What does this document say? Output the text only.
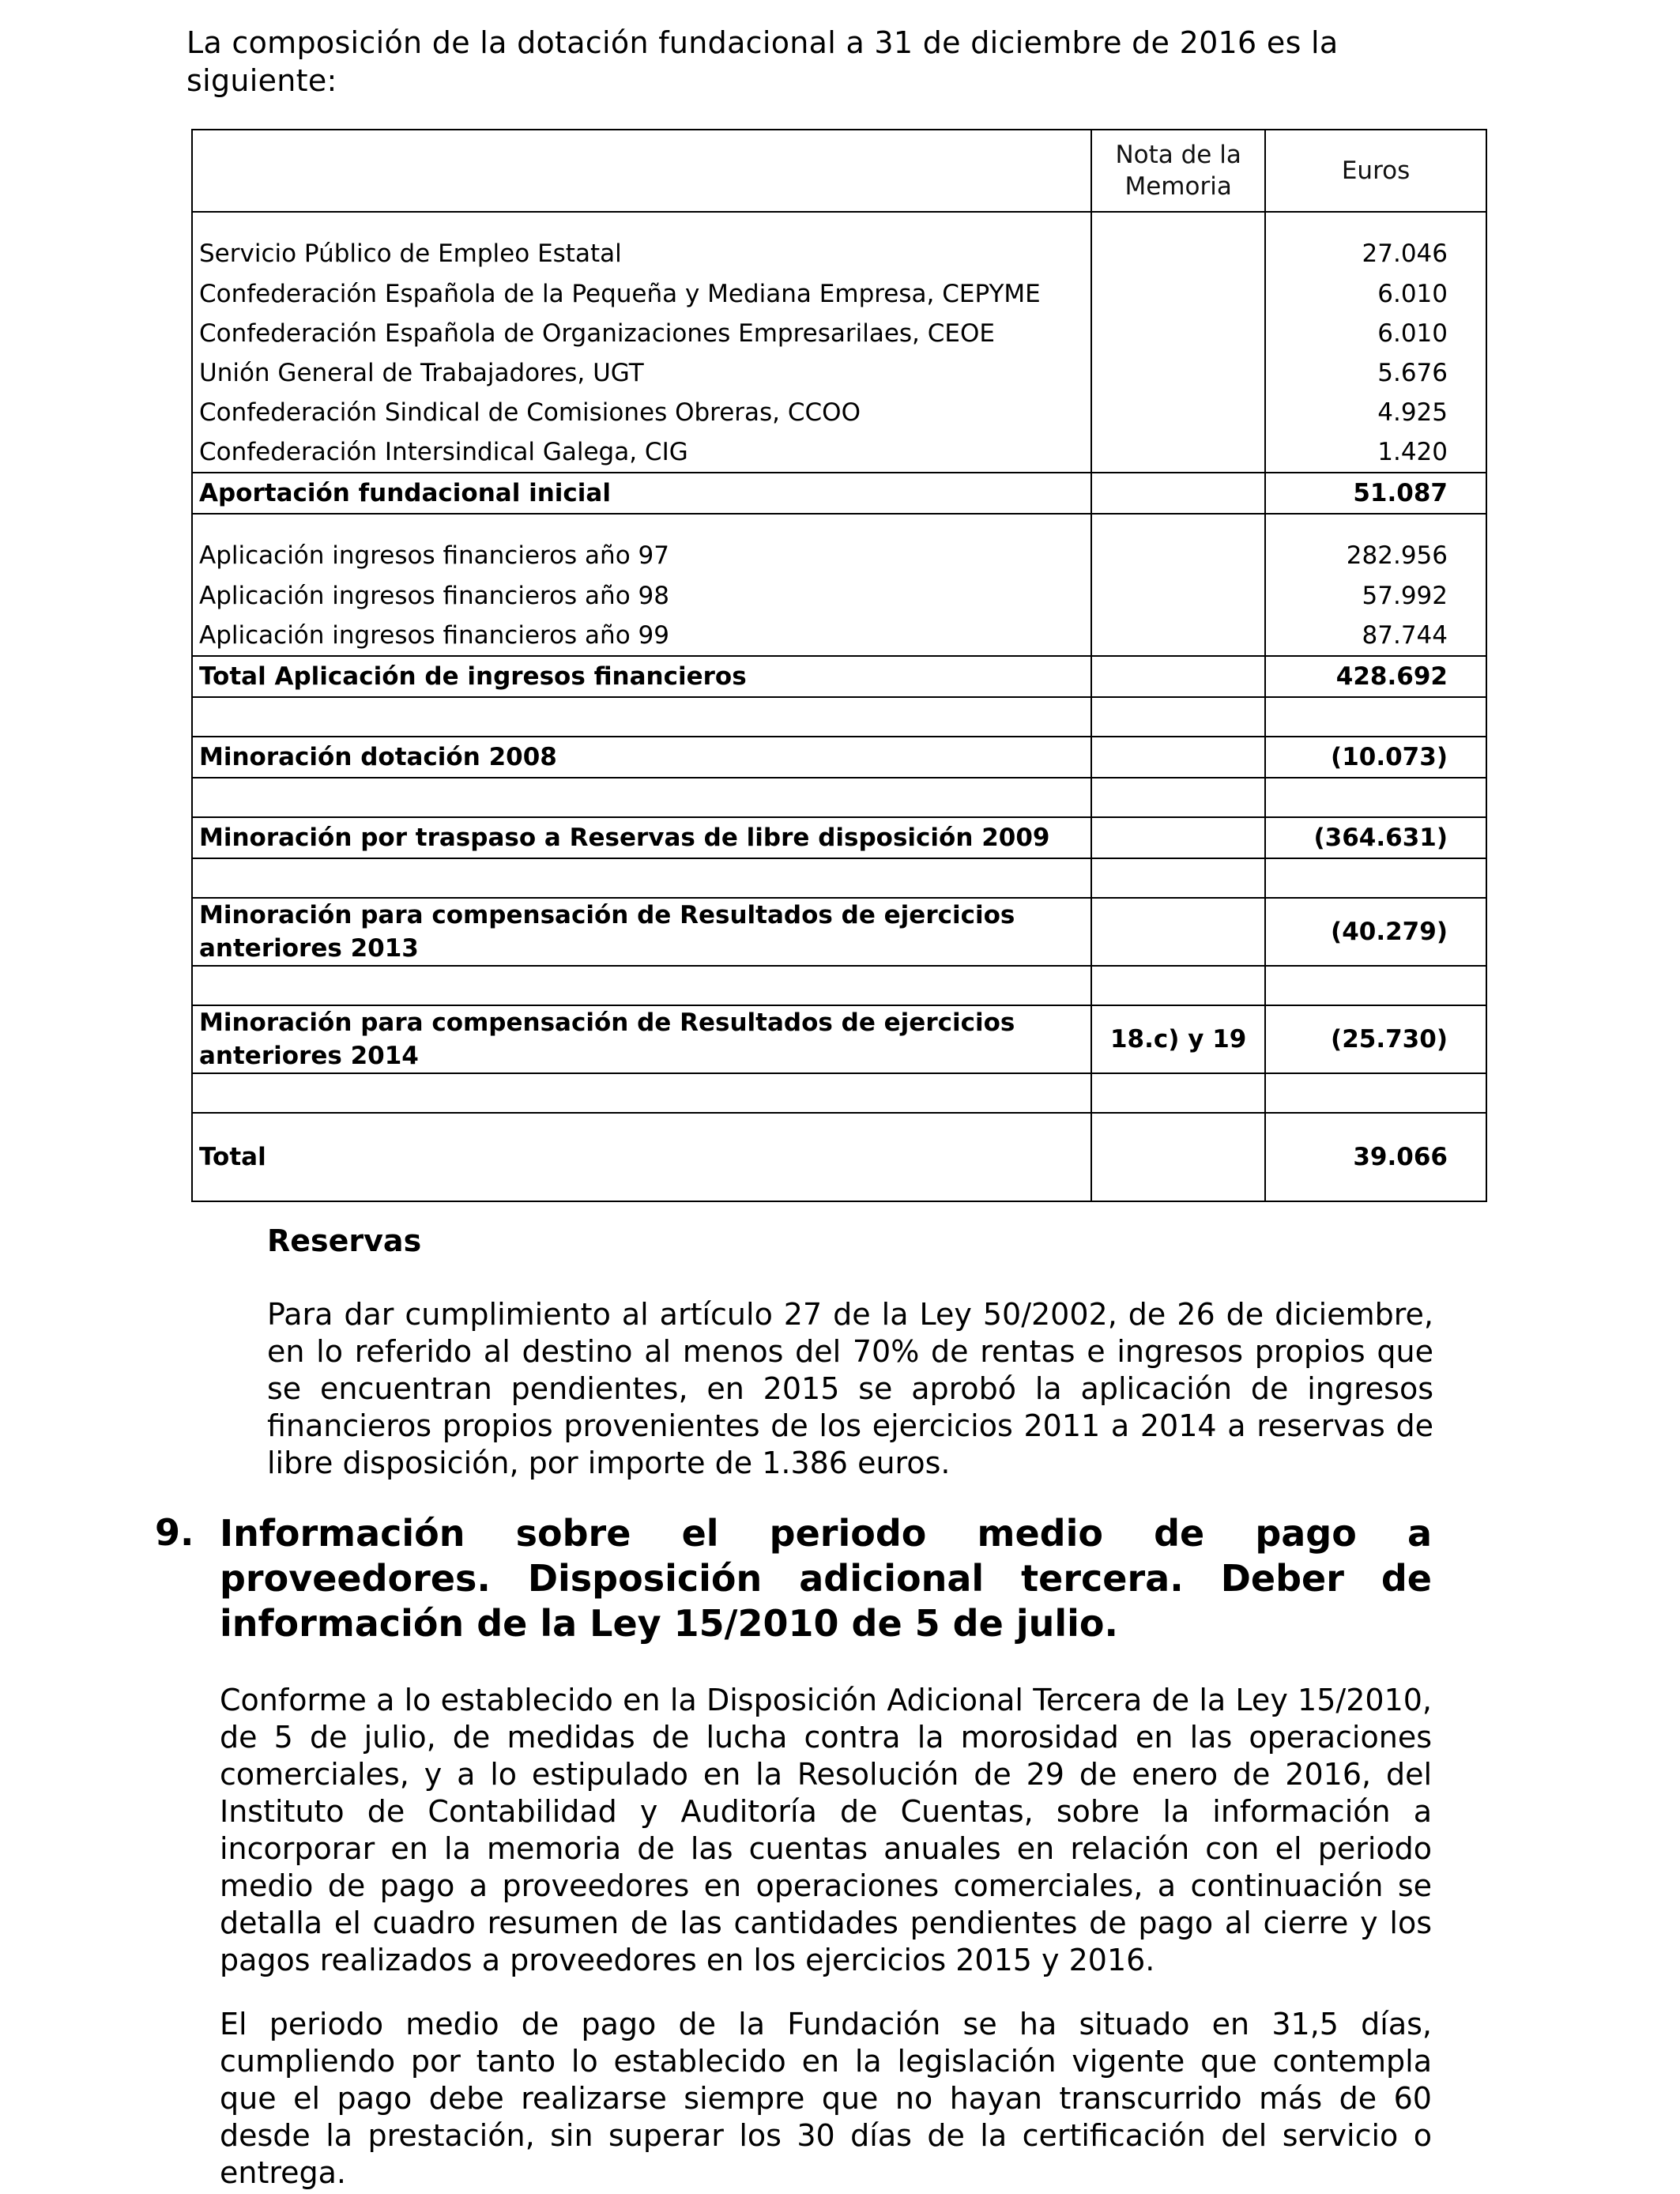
La composición de la dotación fundacional a 31 de diciembre de 2016 es la siguiente:
	Nota de la Memoria	Euros
Servicio Público de Empleo Estatal		27.046
Confederación Española de la Pequeña y Mediana Empresa, CEPYME		6.010
Confederación Española de Organizaciones Empresarilaes, CEOE		6.010
Unión General de Trabajadores, UGT		5.676
Confederación Sindical de Comisiones Obreras, CCOO		4.925
Confederación Intersindical Galega, CIG		1.420
Aportación fundacional inicial		51.087
Aplicación ingresos financieros año 97		282.956
Aplicación ingresos financieros año 98		57.992
Aplicación ingresos financieros año 99		87.744
Total Aplicación de ingresos financieros		428.692

Minoración dotación 2008		(10.073)

Minoración por traspaso a Reservas de libre disposición 2009		(364.631)

Minoración para compensación de Resultados de ejercicios anteriores 2013		(40.279)

Minoración para compensación de Resultados de ejercicios anteriores 2014	18.c) y 19	(25.730)

Total		39.066
Reservas
Para dar cumplimiento al artículo 27 de la Ley 50/2002, de 26 de diciembre, en lo referido al destino al menos del 70% de rentas e ingresos propios que se encuentran pendientes, en 2015 se aprobó la aplicación de ingresos financieros propios provenientes de los ejercicios 2011 a 2014 a reservas de libre disposición, por importe de 1.386 euros.
9. Información sobre el periodo medio de pago a proveedores. Disposición adicional tercera. Deber de información de la Ley 15/2010 de 5 de julio.
Conforme a lo establecido en la Disposición Adicional Tercera de la Ley 15/2010, de 5 de julio, de medidas de lucha contra la morosidad en las operaciones comerciales, y a lo estipulado en la Resolución de 29 de enero de 2016, del Instituto de Contabilidad y Auditoría de Cuentas, sobre la información a incorporar en la memoria de las cuentas anuales en relación con el periodo medio de pago a proveedores en operaciones comerciales, a continuación se detalla el cuadro resumen de las cantidades pendientes de pago al cierre y los pagos realizados a proveedores en los ejercicios 2015 y 2016.
El periodo medio de pago de la Fundación se ha situado en 31,5 días, cumpliendo por tanto lo establecido en la legislación vigente que contempla que el pago debe realizarse siempre que no hayan transcurrido más de 60 desde la prestación, sin superar los 30 días de la certificación del servicio o entrega.
